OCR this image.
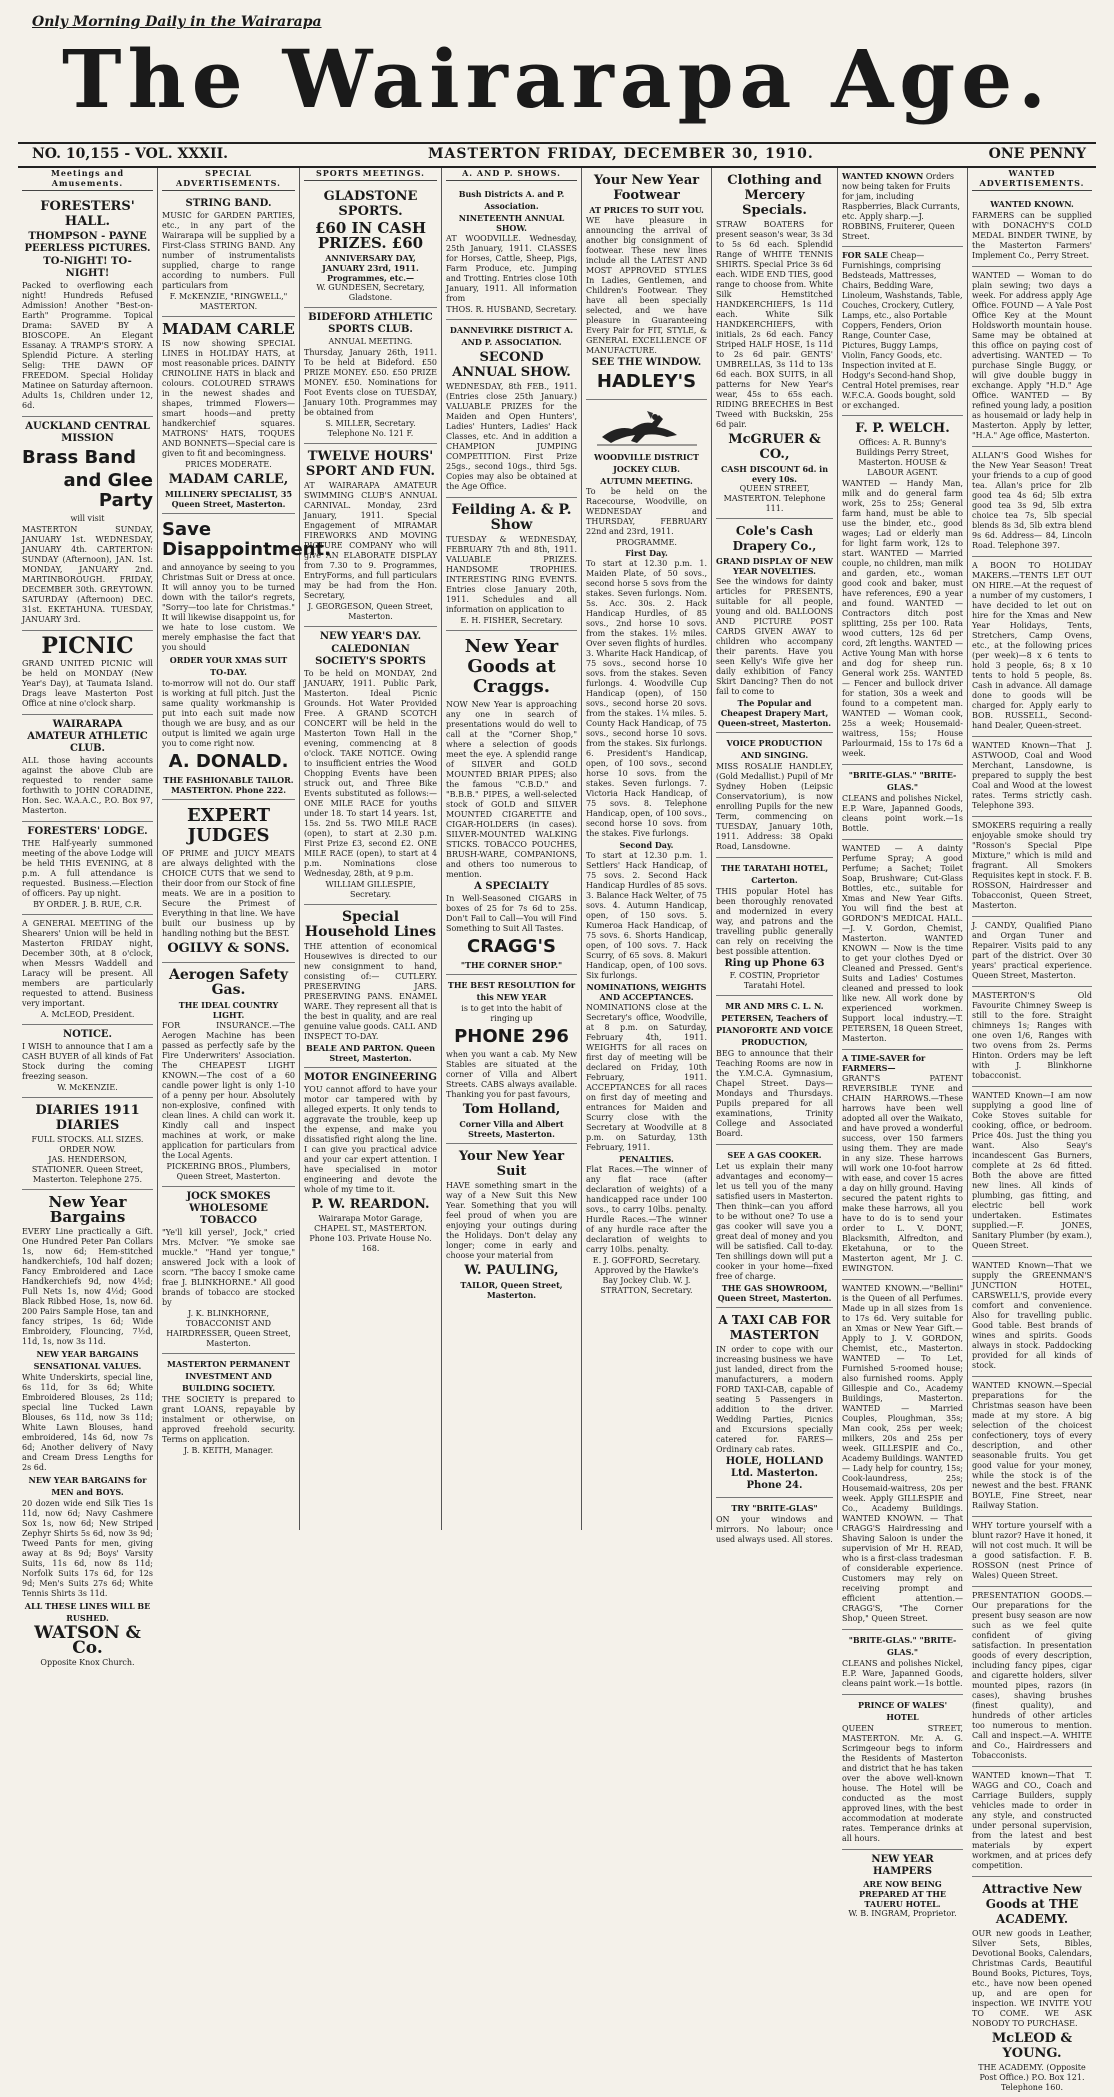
Only Morning Daily in the Wairarapa
The Wairarapa Age.
NO. 10,155 - VOL. XXXII.	MASTERTON FRIDAY, DECEMBER 30, 1910.	ONE PENNY
Meetings and Amusements.
FORESTERS' HALL.
THOMPSON - PAYNE PEERLESS PICTURES.
TO-NIGHT! TO-NIGHT!
Packed to overflowing each night! Hundreds Refused Admission! Another "Best-on-Earth" Programme. Topical Drama: SAVED BY A BIOSCOPE. An Elegant Essanay. A TRAMP'S STORY. A Splendid Picture. A sterling Selig: THE DAWN OF FREEDOM. Special Holiday Matinee on Saturday afternoon. Adults 1s, Children under 12, 6d.
AUCKLAND CENTRAL MISSION
Brass Band
and Glee Party
will visit
MASTERTON SUNDAY, JANUARY 1st. WEDNESDAY, JANUARY 4th. CARTERTON: SUNDAY (Afternoon), JAN. 1st. MONDAY, JANUARY 2nd. MARTINBOROUGH. FRIDAY, DECEMBER 30th. GREYTOWN. SATURDAY (Afternoon) DEC. 31st. EKETAHUNA. TUESDAY, JANUARY 3rd.
PICNIC
GRAND UNITED PICNIC will be held on MONDAY (New Year's Day), at Taumata Island. Drags leave Masterton Post Office at nine o'clock sharp.
WAIRARAPA AMATEUR ATHLETIC CLUB.
ALL those having accounts against the above Club are requested to render same forthwith to JOHN CORADINE, Hon. Sec. W.A.A.C., P.O. Box 97, Masterton.
FORESTERS' LODGE.
THE Half-yearly summoned meeting of the above Lodge will be held THIS EVENING, at 8 p.m. A full attendance is requested. Business.—Election of officers. Pay up night.
BY ORDER. J. B. RUE, C.R.
A GENERAL MEETING of the Shearers' Union will be held in Masterton FRIDAY night, December 30th, at 8 o'clock, when Messrs Waddell and Laracy will be present. All members are particularly requested to attend. Business very important.
A. McLEOD, President.
NOTICE.
I WISH to announce that I am a CASH BUYER of all kinds of Fat Stock during the coming freezing season.
W. McKENZIE.
DIARIES 1911 DIARIES
FULL STOCKS. ALL SIZES. ORDER NOW.
JAS. HENDERSON, STATIONER. Queen Street, Masterton. Telephone 275.
New Year Bargains
EVERY Line practically a Gift. One Hundred Peter Pan Collars 1s, now 6d; Hem-stitched handkerchiefs, 10d half dozen; Fancy Embroidered and Lace Handkerchiefs 9d, now 4½d; Full Nets 1s, now 4½d; Good Black Ribbed Hose, 1s, now 6d. 200 Pairs Sample Hose, tan and fancy stripes, 1s 6d; Wide Embroidery, Flouncing, 7½d, 11d, 1s, now 3s 11d.
NEW YEAR BARGAINS SENSATIONAL VALUES.
White Underskirts, special line, 6s 11d, for 3s 6d; White Embroidered Blouses, 2s 11d; special line Tucked Lawn Blouses, 6s 11d, now 3s 11d; White Lawn Blouses, hand embroidered, 14s 6d, now 7s 6d; Another delivery of Navy and Cream Dress Lengths for 2s 6d.
NEW YEAR BARGAINS for MEN and BOYS.
20 dozen wide end Silk Ties 1s 11d, now 6d; Navy Cashmere Sox 1s, now 6d; New Striped Zephyr Shirts 5s 6d, now 3s 9d; Tweed Pants for men, giving away at 8s 9d; Boys' Varsity Suits, 11s 6d, now 8s 11d; Norfolk Suits 17s 6d, for 12s 9d; Men's Suits 27s 6d; White Tennis Shirts 3s 11d.
ALL THESE LINES WILL BE RUSHED.
WATSON & Co.
Opposite Knox Church.
SPECIAL ADVERTISEMENTS.
STRING BAND.
MUSIC for GARDEN PARTIES, etc., in any part of the Wairarapa will be supplied by a First-Class STRING BAND. Any number of instrumentalists supplied, charge to range according to numbers. Full particulars from
F. McKENZIE, "RINGWELL," MASTERTON.
MADAM CARLE
IS now showing SPECIAL LINES in HOLIDAY HATS, at most reasonable prices. DAINTY CRINOLINE HATS in black and colours. COLOURED STRAWS in the newest shades and shapes, trimmed Flowers—smart hoods—and pretty handkerchief squares. MATRONS' HATS, TOQUES AND BONNETS—Special care is given to fit and becomingness.
PRICES MODERATE.
MADAM CARLE,
MILLINERY SPECIALIST, 35 Queen Street, Masterton.
Save Disappointment.
and annoyance by seeing to you Christmas Suit or Dress at once. It will annoy you to be turned down with the tailor's regrets, "Sorry—too late for Christmas." It will likewise disappoint us, for we hate to lose custom. We merely emphasise the fact that you should
ORDER YOUR XMAS SUIT TO-DAY.
to-morrow will not do. Our staff is working at full pitch. Just the same quality workmanship is put into each suit made now though we are busy, and as our output is limited we again urge you to come right now.
A. DONALD.
THE FASHIONABLE TAILOR. MASTERTON. Phone 222.
EXPERT JUDGES
OF PRIME and JUICY MEATS are always delighted with the CHOICE CUTS that we send to their door from our Stock of fine meats. We are in a position to Secure the Primest of Everything in that line. We have built our business up by handling nothing but the BEST.
OGILVY & SONS.
Aerogen Safety Gas.
THE IDEAL COUNTRY LIGHT.
FOR INSURANCE.—The Aerogen Machine has been passed as perfectly safe by the Fire Underwriters' Association. The CHEAPEST LIGHT KNOWN.—The cost of a 60 candle power light is only 1-10 of a penny per hour. Absolutely non-explosive, confined with clean lines. A child can work it. Kindly call and inspect machines at work, or make application for particulars from the Local Agents.
PICKERING BROS., Plumbers, Queen Street, Masterton.
JOCK SMOKES WHOLESOME TOBACCO
"Ye'll kill yersel', Jock," cried Mrs. McIver. "Ye smoke sae muckle." "Hand yer tongue," answered Jock with a look of scorn. "The baccy I smoke came frae J. BLINKHORNE." All good brands of tobacco are stocked by
J. K. BLINKHORNE, TOBACCONIST AND HAIRDRESSER, Queen Street, Masterton.
MASTERTON PERMANENT INVESTMENT AND BUILDING SOCIETY.
THE SOCIETY is prepared to grant LOANS, repayable by instalment or otherwise, on approved freehold security. Terms on application.
J. B. KEITH, Manager.
SPORTS MEETINGS.
GLADSTONE SPORTS.
£60 IN CASH PRIZES. £60
ANNIVERSARY DAY, JANUARY 23rd, 1911. Programmes, etc.—
W. GUNDESEN, Secretary, Gladstone.
BIDEFORD ATHLETIC SPORTS CLUB.
ANNUAL MEETING.
Thursday, January 26th, 1911. To be held at Bideford. £50 PRIZE MONEY. £50. £50 PRIZE MONEY. £50. Nominations for Foot Events close on TUESDAY, January 10th. Programmes may be obtained from
S. MILLER, Secretary. Telephone No. 121 F.
TWELVE HOURS' SPORT AND FUN.
AT WAIRARAPA AMATEUR SWIMMING CLUB'S ANNUAL CARNIVAL. Monday, 23rd January, 1911. Special Engagement of MIRAMAR FIREWORKS AND MOVING PICTURE COMPANY who will give AN ELABORATE DISPLAY from 7.30 to 9. Programmes, EntryForms, and full particulars may be had from the Hon. Secretary,
J. GEORGESON, Queen Street, Masterton.
NEW YEAR'S DAY.
CALEDONIAN SOCIETY'S SPORTS
To be held on MONDAY, 2nd JANUARY, 1911. Public Park, Masterton. Ideal Picnic Grounds. Hot Water Provided Free. A GRAND SCOTCH CONCERT will be held in the Masterton Town Hall in the evening, commencing at 8 o'clock. TAKE NOTICE. Owing to insufficient entries the Wood Chopping Events have been struck out, and Three Bike Events substituted as follows:— ONE MILE RACE for youths under 18. To start 14 years. 1st, 15s. 2nd 5s. TWO MILE RACE (open), to start at 2.30 p.m. First Prize £3, second £2. ONE MILE RACE (open), to start at 4 p.m. Nominations close Wednesday, 28th, at 9 p.m.
WILLIAM GILLESPIE, Secretary.
Special Household Lines
THE attention of economical Housewives is directed to our new consignment to hand, consisting of:— CUTLERY. PRESERVING JARS. PRESERVING PANS. ENAMEL WARE. They represent all that is the best in quality, and are real genuine value goods. CALL AND INSPECT TO-DAY.
BEALE AND PARTON. Queen Street, Masterton.
MOTOR ENGINEERING
YOU cannot afford to have your motor car tampered with by alleged experts. It only tends to aggravate the trouble, keep up the expense, and make you dissatisfied right along the line. I can give you practical advice and your car expert attention. I have specialised in motor engineering and devote the whole of my time to it.
P. W. REARDON.
Wairarapa Motor Garage, CHAPEL ST., MASTERTON. Phone 103. Private House No. 168.
A. AND P. SHOWS.
Bush Districts A. and P. Association.
NINETEENTH ANNUAL SHOW.
AT WOODVILLE. Wednesday, 25th January, 1911. CLASSES for Horses, Cattle, Sheep, Pigs, Farm Produce, etc. Jumping and Trotting. Entries close 10th January, 1911. All information from
THOS. R. HUSBAND, Secretary.
DANNEVIRKE DISTRICT A. AND P. ASSOCIATION.
SECOND ANNUAL SHOW.
WEDNESDAY, 8th FEB., 1911. (Entries close 25th January.) VALUABLE PRIZES for the Maiden and Open Hunters', Ladies' Hunters, Ladies' Hack Classes, etc. And in addition a CHAMPION JUMPING COMPETITION. First Prize 25gs., second 10gs., third 5gs. Copies may also be obtained at the Age Office.
Feilding A. & P. Show
TUESDAY & WEDNESDAY, FEBRUARY 7th and 8th, 1911. VALUABLE PRIZES. HANDSOME TROPHIES. INTERESTING RING EVENTS. Entries close January 20th, 1911. Schedules and all information on application to
E. H. FISHER, Secretary.
New Year Goods at Craggs.
NOW New Year is approaching any one in search of presentations would do well to call at the "Corner Shop," where a selection of goods meet the eye. A splendid range of SILVER and GOLD MOUNTED BRIAR PIPES; also the famous "C.B.D." and "B.B.B." PIPES, a well-selected stock of GOLD and SILVER MOUNTED CIGARETTE and CIGAR-HOLDERS (in cases). SILVER-MOUNTED WALKING STICKS. TOBACCO POUCHES, BRUSH-WARE, COMPANIONS, and others too numerous to mention.
A SPECIALTY
In Well-Seasoned CIGARS in boxes of 25 for 7s 6d to 25s. Don't Fail to Call—You will Find Something to Suit All Tastes.
CRAGG'S
"THE CORNER SHOP."
THE BEST RESOLUTION for this NEW YEAR
is to get into the habit of ringing up
PHONE 296
when you want a cab. My New Stables are situated at the corner of Villa and Albert Streets. CABS always available. Thanking you for past favours,
Tom Holland,
Corner Villa and Albert Streets, Masterton.
Your New Year Suit
HAVE something smart in the way of a New Suit this New Year. Something that you will feel proud of when you are enjoying your outings during the Holidays. Don't delay any longer; come in early and choose your material from
W. PAULING,
TAILOR, Queen Street, Masterton.
Your New Year Footwear
AT PRICES TO SUIT YOU.
WE have pleasure in announcing the arrival of another big consignment of footwear. These new lines include all the LATEST AND MOST APPROVED STYLES In Ladies, Gentlemen, and Children's Footwear. They have all been specially selected, and we have pleasure in Guaranteeing Every Pair for FIT, STYLE, & GENERAL EXCELLENCE OF MANUFACTURE.
SEE THE WINDOW.
HADLEY'S
WOODVILLE DISTRICT JOCKEY CLUB.
AUTUMN MEETING.
To be held on the Racecourse, Woodville, on WEDNESDAY and THURSDAY, FEBRUARY 22nd and 23rd, 1911.
PROGRAMME.
First Day.
To start at 12.30 p.m. 1. Maiden Plate, of 50 sovs., second horse 5 sovs from the stakes. Seven furlongs. Nom. 5s. Acc. 30s. 2. Hack Handicap Hurdles, of 85 sovs., 2nd horse 10 sovs. from the stakes. 1½ miles. Over seven flights of hurdles. 3. Wharite Hack Handicap, of 75 sovs., second horse 10 sovs. from the stakes. Seven furlongs. 4. Woodville Cup Handicap (open), of 150 sovs., second horse 20 sovs. from the stakes. 1¼ miles. 5. County Hack Handicap, of 75 sovs., second horse 10 sovs. from the stakes. Six furlongs. 6. President's Handicap, open, of 100 sovs., second horse 10 sovs. from the stakes. Seven furlongs. 7. Victoria Hack Handicap, of 75 sovs. 8. Telephone Handicap, open, of 100 sovs., second horse 10 sovs. from the stakes. Five furlongs.
Second Day.
To start at 12.30 p.m. 1. Settlers' Hack Handicap, of 75 sovs. 2. Second Hack Handicap Hurdles of 85 sovs. 3. Balance Hack Welter, of 75 sovs. 4. Autumn Handicap, open, of 150 sovs. 5. Kumeroa Hack Handicap, of 75 sovs. 6. Shorts Handicap, open, of 100 sovs. 7. Hack Scurry, of 65 sovs. 8. Makuri Handicap, open, of 100 sovs. Six furlongs.
NOMINATIONS, WEIGHTS AND ACCEPTANCES.
NOMINATIONS close at the Secretary's office, Woodville, at 8 p.m. on Saturday, February 4th, 1911. WEIGHTS for all races on first day of meeting will be declared on Friday, 10th February, 1911. ACCEPTANCES for all races on first day of meeting and entrances for Maiden and Scurry close with the Secretary at Woodville at 8 p.m. on Saturday, 13th February, 1911.
PENALTIES.
Flat Races.—The winner of any flat race (after declaration of weights) of a handicapped race under 100 sovs., to carry 10lbs. penalty. Hurdle Races.—The winner of any hurdle race after the declaration of weights to carry 10lbs. penalty.
E. J. GOFFORD, Secretary. Approved by the Hawke's Bay Jockey Club. W. J. STRATTON, Secretary.
Clothing and Mercery Specials.
STRAW BOATERS for present season's wear, 3s 3d to 5s 6d each. Splendid Range of WHITE TENNIS SHIRTS. Special Price 3s 6d each. WIDE END TIES, good range to choose from. White Silk Hemstitched HANDKERCHIEFS, 1s 11d each. White Silk HANDKERCHIEFS, with initials, 2s 6d each. Fancy Striped HALF HOSE, 1s 11d to 2s 6d pair. GENTS' UMBRELLAS, 3s 11d to 13s 6d each. BOX SUITS, in all patterns for New Year's wear, 45s to 65s each. RIDING BREECHES in Best Tweed with Buckskin, 25s 6d pair.
McGRUER & CO.,
CASH DISCOUNT 6d. in every 10s.
QUEEN STREET, MASTERTON. Telephone 111.
Cole's Cash Drapery Co.,
GRAND DISPLAY OF NEW YEAR NOVELTIES.
See the windows for dainty articles for PRESENTS, suitable for all people, young and old. BALLOONS AND PICTURE POST CARDS GIVEN AWAY to children who accompany their parents. Have you seen Kelly's Wife give her daily exhibition of Fancy Skirt Dancing? Then do not fail to come to
The Popular and Cheapest Drapery Mart, Queen-street, Masterton.
VOICE PRODUCTION AND SINGING.
MISS ROSALIE HANDLEY, (Gold Medallist.) Pupil of Mr Sydney Hoben (Leipsic Conservatorium), is now enrolling Pupils for the new Term, commencing on TUESDAY, January 10th, 1911. Address: 38 Opaki Road, Lansdowne.
THE TARATAHI HOTEL, Carterton.
THIS popular Hotel has been thoroughly renovated and modernized in every way, and patrons and the travelling public generally can rely on receiving the best possible attention.
Ring up Phone 63
F. COSTIN, Proprietor Taratahi Hotel.
MR AND MRS C. L. N. PETERSEN, Teachers of PIANOFORTE AND VOICE PRODUCTION,
BEG to announce that their Teaching Rooms are now in the Y.M.C.A. Gymnasium, Chapel Street. Days—Mondays and Thursdays. Pupils prepared for all examinations, Trinity College and Associated Board.
SEE A GAS COOKER.
Let us explain their many advantages and economy—let us tell you of the many satisfied users in Masterton. Then think—can you afford to be without one? To use a gas cooker will save you a great deal of money and you will be satisfied. Call to-day. Ten shillings down will put a cooker in your home—fixed free of charge.
THE GAS SHOWROOM, Queen Street, Masterton.
A TAXI CAB FOR MASTERTON
IN order to cope with our increasing business we have just landed, direct from the manufacturers, a modern FORD TAXI-CAB, capable of seating 5 Passengers in addition to the driver. Wedding Parties, Picnics and Excursions specially catered for. FARES—Ordinary cab rates.
HOLE, HOLLAND Ltd. Masterton. Phone 24.
TRY "BRITE-GLAS"
ON your windows and mirrors. No labour; once used always used. All stores.
WANTED KNOWN Orders now being taken for Fruits for jam, including Raspberries, Black Currants, etc. Apply sharp.—J. ROBBINS, Fruiterer, Queen Street.
FOR SALE Cheap—Furnishings, comprising Bedsteads, Mattresses, Chairs, Bedding Ware, Linoleum, Washstands, Table, Couches, Crockery, Cutlery, Lamps, etc., also Portable Coppers, Fenders, Orion Range, Counter Case, Pictures, Buggy Lamps, Violin, Fancy Goods, etc. Inspection invited at E. Hodgy's Second-hand Shop, Central Hotel premises, rear W.F.C.A. Goods bought, sold or exchanged.
F. P. WELCH.
Offices: A. R. Bunny's Buildings Perry Street, Masterton. HOUSE & LABOUR AGENT.
WANTED — Handy Man, milk and do general farm work, 25s to 25s; General farm hand, must be able to use the binder, etc., good wages; Lad or elderly man for light farm work, 12s to start. WANTED — Married couple, no children, man milk and garden, etc., woman good cook and baker, must have references, £90 a year and found. WANTED — Contractors ditch post splitting, 25s per 100. Rata wood cutters, 12s 6d per cord, 2ft lengths. WANTED — Active Young Man with horse and dog for sheep run. General work 25s. WANTED — Fencer and bullock driver for station, 30s a week and found to a competent man. WANTED — Woman cook, 25s a week; Housemaid-waitress, 15s; House Parlourmaid, 15s to 17s 6d a week.
"BRITE-GLAS." "BRITE-GLAS."
CLEANS and polishes Nickel, E.P. Ware, Japanned Goods, cleans point work.—1s Bottle.
WANTED — A dainty Perfume Spray; A good Perfume; a Sachet; Toilet Soap, Brushware; Cut-Glass Bottles, etc., suitable for Xmas and New Year Gifts. You will find the best at GORDON'S MEDICAL HALL.—J. V. Gordon, Chemist, Masterton. WANTED KNOWN — Now is the time to get your clothes Dyed or Cleaned and Pressed. Gent's Suits and Ladies' Costumes cleaned and pressed to look like new. All work done by experienced workmen. Support local industry.—T. PETERSEN, 18 Queen Street, Masterton.
A TIME-SAVER for FARMERS—
GRANT'S PATENT REVERSIBLE TYNE and CHAIN HARROWS.—These harrows have been well adopted all over the Waikato, and have proved a wonderful success, over 150 farmers using them. They are made in any size. These harrows will work one 10-foot harrow with ease, and cover 15 acres a day on hilly ground. Having secured the patent rights to make these harrows, all you have to do is to send your order to L. V. DONT, Blacksmith, Alfredton, and Eketahuna, or to the Masterton agent, Mr J. C. EWINGTON.
WANTED KNOWN.—"Bellini" is the Queen of all Perfumes. Made up in all sizes from 1s to 17s 6d. Very suitable for an Xmas or New Year Gift.—Apply to J. V. GORDON, Chemist, etc., Masterton. WANTED — To Let, Furnished 5-roomed house; also furnished rooms. Apply Gillespie and Co., Academy Buildings, Masterton. WANTED — Married Couples, Ploughman, 35s; Man cook, 25s per week; milkers, 20s and 25s per week. GILLESPIE and Co., Academy Buildings. WANTED — Lady help for country, 15s; Cook-laundress, 25s; Housemaid-waitress, 20s per week. Apply GILLESPIE and Co., Academy Buildings. WANTED KNOWN. — That CRAGG'S Hairdressing and Shaving Saloon is under the supervision of Mr H. READ, who is a first-class tradesman of considerable experience. Customers may rely on receiving prompt and efficient attention.—CRAGG'S, "The Corner Shop," Queen Street.
"BRITE-GLAS." "BRITE-GLAS."
CLEANS and polishes Nickel, E.P. Ware, Japanned Goods, cleans paint work.—1s bottle.
PRINCE OF WALES' HOTEL
QUEEN STREET, MASTERTON. Mr. A. G. Scrimgeour begs to inform the Residents of Masterton and district that he has taken over the above well-known house. The Hotel will be conducted as the most approved lines, with the best accommodation at moderate rates. Temperance drinks at all hours.
NEW YEAR HAMPERS
ARE NOW BEING PREPARED AT THE TAUERU HOTEL.
W. B. INGRAM, Proprietor.
WANTED ADVERTISEMENTS.
WANTED KNOWN.
FARMERS can be supplied with DONACHY'S COLD MEDAL BINDER TWINE, by the Masterton Farmers' Implement Co., Perry Street.
WANTED — Woman to do plain sewing; two days a week. For address apply Age Office. FOUND — A Yale Post Office Key at the Mount Holdsworth mountain house. Same may be obtained at this office on paying cost of advertising. WANTED — To purchase Single Buggy, or will give double buggy in exchange. Apply "H.D." Age Office. WANTED — By refined young lady, a position as housemaid or lady help in Masterton. Apply by letter, "H.A." Age office, Masterton.
ALLAN'S Good Wishes for the New Year Season! Treat your friends to a cup of good tea. Allan's price for 2lb good tea 4s 6d; 5lb extra good tea 3s 9d, 5lb extra choice tea 7s, 5lb special blends 8s 3d, 5lb extra blend 9s 6d. Address— 84, Lincoln Road. Telephone 397.
A BOON TO HOLIDAY MAKERS.—TENTS LET OUT ON HIRE.—At the request of a number of my customers, I have decided to let out on hire for the Xmas and New Year Holidays, Tents, Stretchers, Camp Ovens, etc., at the following prices (per week)—8 x 6 tents to hold 3 people, 6s; 8 x 10 tents to hold 5 people, 8s. Cash in advance. All damage done to goods will be charged for. Apply early to BOB. RUSSELL, Second-hand Dealer, Queen-street.
WANTED Known—That J. ASTWOOD, Coal and Wood Merchant, Lansdowne, is prepared to supply the best Coal and Wood at the lowest rates. Terms strictly cash. Telephone 393.
SMOKERS requiring a really enjoyable smoke should try "Rosson's Special Pipe Mixture," which is mild and fragrant. All Smokers Requisites kept in stock. F. B. ROSSON, Hairdresser and Tobacconist, Queen Street, Masterton.
J. CANDY, Qualified Piano and Organ Tuner and Repairer. Visits paid to any part of the district. Over 30 years' practical experience. Queen Street, Masterton.
MASTERTON'S Old Favourite Chimney Sweep is still to the fore. Straight chimneys 1s; Ranges with one oven 1/6, Ranges with two ovens from 2s. Perms Hinton. Orders may be left with J. Blinkhorne tobacconist.
WANTED Known—I am now supplying a good line of Coke Stoves suitable for cooking, office, or bedroom. Price 40s. Just the thing you want. Also Seay's incandescent Gas Burners, complete at 2s 6d fitted. Both the above are fitted new lines. All kinds of plumbing, gas fitting, and electric bell work undertaken. Estimates supplied.—F. JONES, Sanitary Plumber (by exam.), Queen Street.
WANTED Known—That we supply the GREENMAN'S JUNCTION HOTEL, CARSWELL'S, provide every comfort and convenience. Also for travelling public. Good table. Best brands of wines and spirits. Goods always in stock. Paddocking provided for all kinds of stock.
WANTED KNOWN.—Special preparations for the Christmas season have been made at my store. A big selection of the choicest confectionery, toys of every description, and other seasonable fruits. You get good value for your money, while the stock is of the newest and the best. FRANK BOYLE, Fine Street, near Railway Station.
WHY torture yourself with a blunt razor? Have it honed, it will not cost much. It will be a good satisfaction. F. B. ROSSON (nest Prince of Wales) Queen Street.
PRESENTATION GOODS.—Our preparations for the present busy season are now such as we feel quite confident of giving satisfaction. In presentation goods of every description, including fancy pipes, cigar and cigarette holders, silver mounted pipes, razors (in cases), shaving brushes (finest quality), and hundreds of other articles too numerous to mention. Call and inspect.—A. WHITE and Co., Hairdressers and Tobacconists.
WANTED known—That T. WAGG and CO., Coach and Carriage Builders, supply vehicles made to order in any style, and constructed under personal supervision, from the latest and best materials by expert workmen, and at prices defy competition.
Attractive New Goods at THE ACADEMY.
OUR new goods in Leather, Silver Sets, Bibles, Devotional Books, Calendars, Christmas Cards, Beautiful Bound Books, Pictures, Toys, etc., have now been opened up, and are open for inspection. WE INVITE YOU TO COME. WE ASK NOBODY TO PURCHASE.
McLEOD & YOUNG.
THE ACADEMY. (Opposite Post Office.) P.O. Box 121. Telephone 160.
